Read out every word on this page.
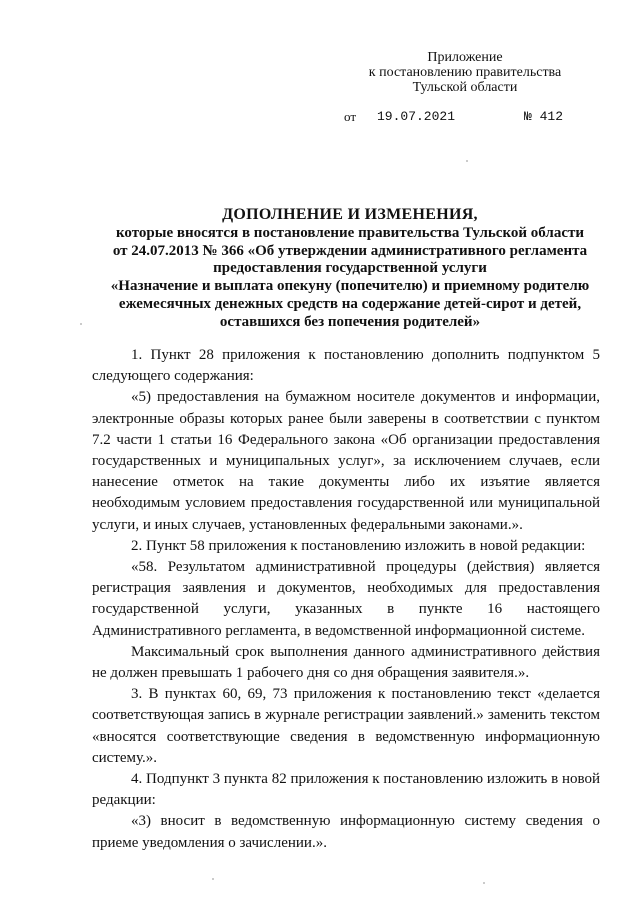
Приложение
к постановлению правительства
Тульской области
от 19.07.2021	№ 412
ДОПОЛНЕНИЕ И ИЗМЕНЕНИЯ,
которые вносятся в постановление правительства Тульской области
от 24.07.2013 № 366 «Об утверждении административного регламента
предоставления государственной услуги
«Назначение и выплата опекуну (попечителю) и приемному родителю
ежемесячных денежных средств на содержание детей-сирот и детей,
оставшихся без попечения родителей»

1. Пункт 28 приложения к постановлению дополнить подпунктом 5 следующего содержания:

«5) предоставления на бумажном носителе документов и информации, электронные образы которых ранее были заверены в соответствии с пунктом 7.2 части 1 статьи 16 Федерального закона «Об организации предоставления государственных и муниципальных услуг», за исключением случаев, если нанесение отметок на такие документы либо их изъятие является необходимым условием предоставления государственной или муниципальной услуги, и иных случаев, установленных федеральными законами.».

2. Пункт 58 приложения к постановлению изложить в новой редакции:

«58. Результатом административной процедуры (действия) является регистрация заявления и документов, необходимых для предоставления государственной услуги, указанных в пункте 16 настоящего Административного регламента, в ведомственной информационной системе.

Максимальный срок выполнения данного административного действия не должен превышать 1 рабочего дня со дня обращения заявителя.».

3. В пунктах 60, 69, 73 приложения к постановлению текст «делается соответствующая запись в журнале регистрации заявлений.» заменить текстом «вносятся соответствующие сведения в ведомственную информационную систему.».

4. Подпункт 3 пункта 82 приложения к постановлению изложить в новой редакции:

«3) вносит в ведомственную информационную систему сведения о приеме уведомления о зачислении.».
